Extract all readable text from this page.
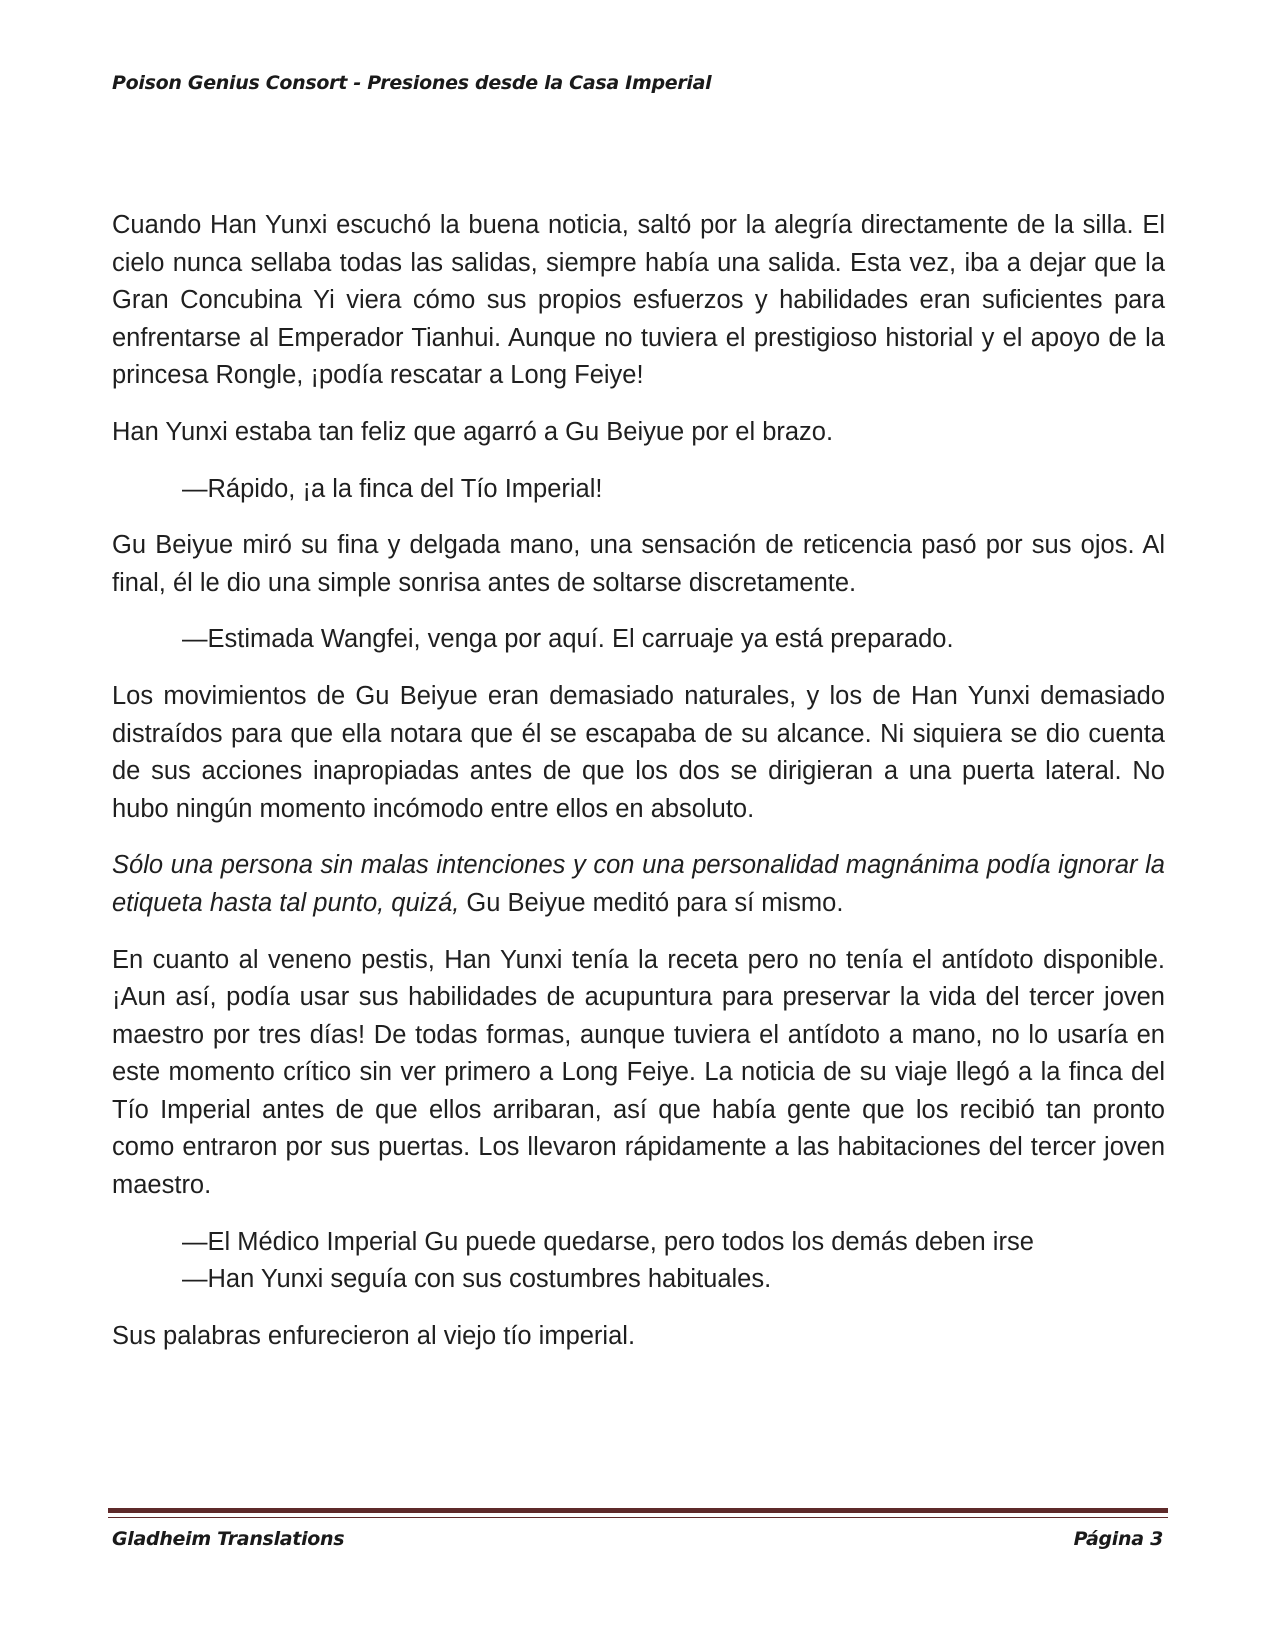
Poison Genius Consort - Presiones desde la Casa Imperial

Cuando Han Yunxi escuchó la buena noticia, saltó por la alegría directamente de la silla. El cielo nunca sellaba todas las salidas, siempre había una salida. Esta vez, iba a dejar que la Gran Concubina Yi viera cómo sus propios esfuerzos y habilidades eran suficientes para enfrentarse al Emperador Tianhui. Aunque no tuviera el prestigioso historial y el apoyo de la princesa Rongle, ¡podía rescatar a Long Feiye!

Han Yunxi estaba tan feliz que agarró a Gu Beiyue por el brazo.

—Rápido, ¡a la finca del Tío Imperial!

Gu Beiyue miró su fina y delgada mano, una sensación de reticencia pasó por sus ojos. Al final, él le dio una simple sonrisa antes de soltarse discretamente.

—Estimada Wangfei, venga por aquí. El carruaje ya está preparado.

Los movimientos de Gu Beiyue eran demasiado naturales, y los de Han Yunxi demasiado distraídos para que ella notara que él se escapaba de su alcance. Ni siquiera se dio cuenta de sus acciones inapropiadas antes de que los dos se dirigieran a una puerta lateral. No hubo ningún momento incómodo entre ellos en absoluto.

Sólo una persona sin malas intenciones y con una personalidad magnánima podía ignorar la etiqueta hasta tal punto, quizá, Gu Beiyue meditó para sí mismo.

En cuanto al veneno pestis, Han Yunxi tenía la receta pero no tenía el antídoto disponible. ¡Aun así, podía usar sus habilidades de acupuntura para preservar la vida del tercer joven maestro por tres días! De todas formas, aunque tuviera el antídoto a mano, no lo usaría en este momento crítico sin ver primero a Long Feiye. La noticia de su viaje llegó a la finca del Tío Imperial antes de que ellos arribaran, así que había gente que los recibió tan pronto como entraron por sus puertas. Los llevaron rápidamente a las habitaciones del tercer joven maestro.

—El Médico Imperial Gu puede quedarse, pero todos los demás deben irse

—Han Yunxi seguía con sus costumbres habituales.

Sus palabras enfurecieron al viejo tío imperial.

Gladheim Translations	Página 3
